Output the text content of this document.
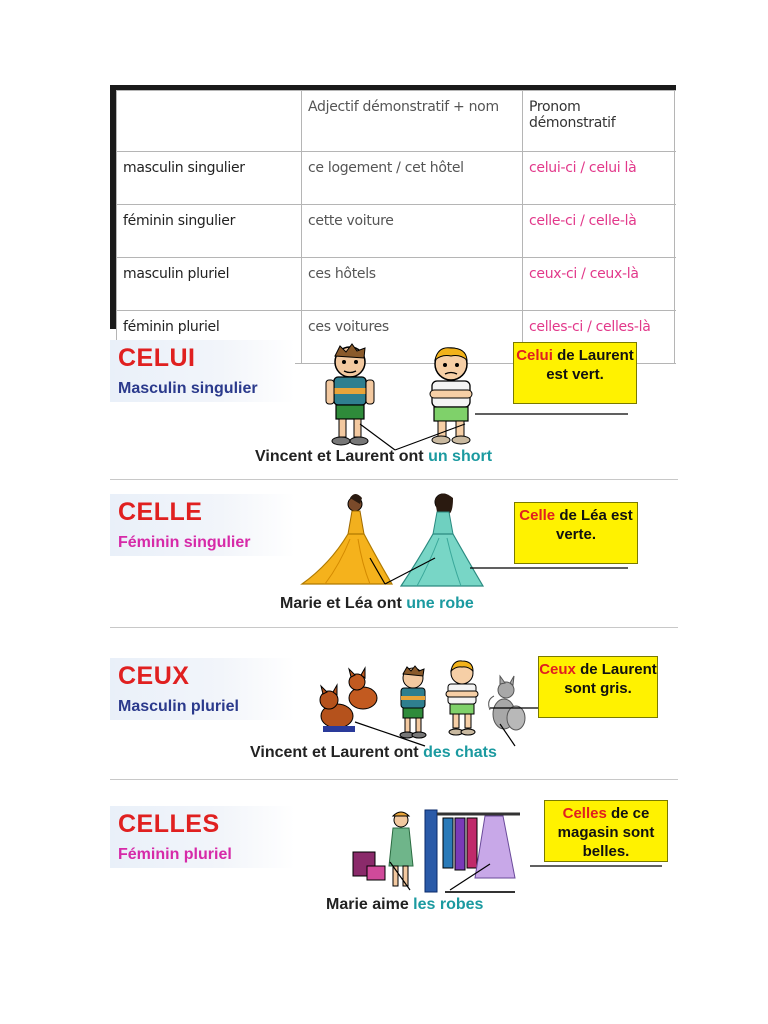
	Adjectif démonstratif + nom	Pronom démonstratif	
masculin singulier	ce logement / cet hôtel	celui-ci / celui là	
féminin singulier	cette voiture	celle-ci / celle-là	
masculin pluriel	ces hôtels	ceux-ci / ceux-là	
féminin pluriel	ces voitures	celles-ci / celles-là	
CELUI
Masculin singulier
Celui de Laurent est vert.
Vincent et Laurent ont un short
CELLE
Féminin singulier
Celle de Léa est verte.
Marie et Léa ont une robe
CEUX
Masculin pluriel
Ceux de Laurent sont gris.
Vincent et Laurent ont des chats
CELLES
Féminin pluriel
Celles de ce magasin sont belles.
Marie aime les robes
